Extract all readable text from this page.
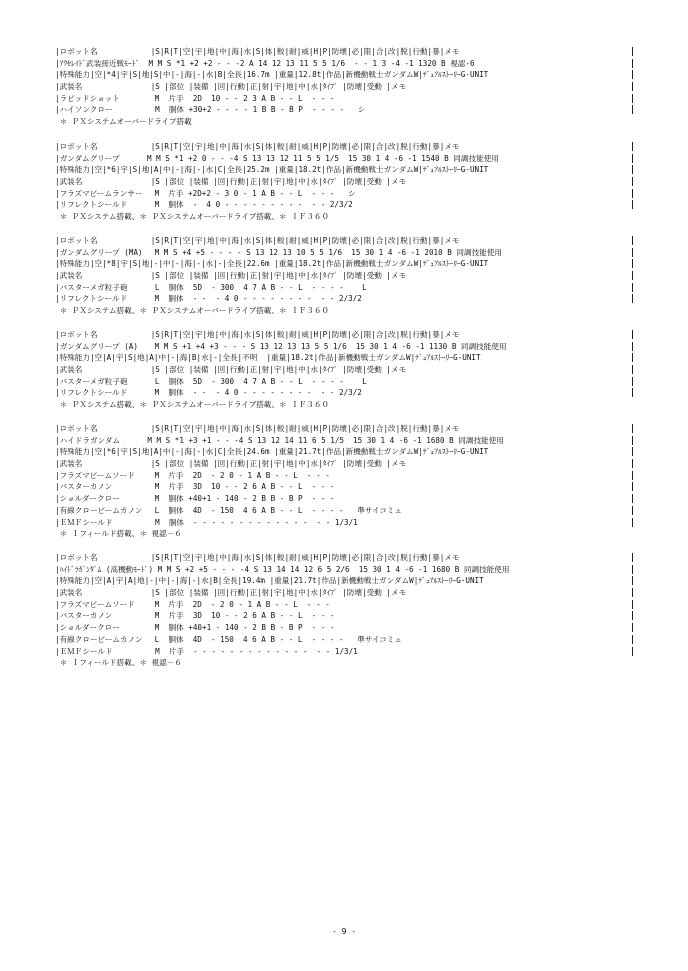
|ロボット名　　　　　　　|S|R|T|空|宇|地|中|海|水|S|体|較|耐|威|H|P|防壊|必|限|合|改|脱|行動|暴|メモ
|ｱｸｾﾚｲﾄﾞ武装接近戦ﾓｰﾄﾞ  M M S *1 +2 +2 - - -2 A 14 12 13 11 5 5 1/6  - - 1 3 -4 -1 1320 B 視認-6
|特殊能力|空|*4|宇|S|地|S|中|-|海|-|水|B|全長|16.7m |重量|12.8t|作品|新機動戦士ガンダムW|ﾃﾞｭｱﾙｽﾄｰﾘｰG-UNIT
|武装名　　　　　　　　　|S |部位 |装備 |回|行動|正|射|宇|地|中|水|ﾀｲﾌﾟ |防壊|受動 |メモ
|ラピッドショット　　　　 M  片手  2D  10 - - 2 3 A B - - L  - - -
|ハイソンクロー　　　　　 M  胴体 +30+2 - - - - 1 B B - B P  - - - -   シ
＊ ＰＸシステムオーバードライブ搭載
|ロボット名　　　　　　　|S|R|T|空|宇|地|中|海|水|S|体|較|耐|威|H|P|防壊|必|限|合|改|脱|行動|暴|メモ
|ガンダムグリープ　　　 M M S *1 +2 0 - - -4 S 13 13 12 11 5 5 1/5  15 30 1 4 -6 -1 1540 B 同調技能使用
|特殊能力|空|*6|宇|S|地|A|中|-|海|-|水|C|全長|25.2m |重量|18.2t|作品|新機動戦士ガンダムW|ﾃﾞｭｱﾙｽﾄｰﾘｰG-UNIT
|武装名　　　　　　　　　|S |部位 |装備 |回|行動|正|射|宇|地|中|水|ﾀｲﾌﾟ |防壊|受動 |メモ
|フラズマビームランサー　 M  片手 +2D+2 - 3 0 - 1 A B - - L  - - -   シ
|リフレクトシールド　　　 M  胴体  -  4 0 - - - - - - - - -  - - 2/3/2
＊ ＰＸシステム搭載、＊ ＰＸシステムオーバードライブ搭載、＊ ＩＦ３６０
|ロボット名　　　　　　　|S|R|T|空|宇|地|中|海|水|S|体|較|耐|威|H|P|防壊|必|限|合|改|脱|行動|暴|メモ
|ガンダムグリープ (MA)　 M M S +4 +5 - - - - S 13 12 13 10 5 5 1/6  15 30 1 4 -6 -1 2010 B 同調技能使用
|特殊能力|空|*8|宇|S|地|-|中|-|海|-|水|-|全長|22.6m |重量|18.2t|作品|新機動戦士ガンダムW|ﾃﾞｭｱﾙｽﾄｰﾘｰG-UNIT
|武装名　　　　　　　　　|S |部位 |装備 |回|行動|正|射|宇|地|中|水|ﾀｲﾌﾟ |防壊|受動 |メモ
|バスターメガ粒子砲　　　 L  胴体  5D  - 300  4 7 A B - - L  - - - -    L
|リフレクトシールド　　　 M  胴体  - -  - 4 0 - - - - - - - -  - - 2/3/2
＊ ＰＸシステム搭載、＊ ＰＸシステムオーバードライブ搭載、＊ ＩＦ３６０
|ロボット名　　　　　　　|S|R|T|空|宇|地|中|海|水|S|体|較|耐|威|H|P|防壊|必|限|合|改|脱|行動|暴|メモ
|ガンダムグリープ (A)　  M M S +1 +4 +3 - - - S 13 12 13 13 5 5 1/6  15 30 1 4 -6 -1 1130 B 同調技能使用
|特殊能力|空|A|宇|S|地|A|中|-|海|B|水|-|全長|不明  |重量|18.2t|作品|新機動戦士ガンダムW|ﾃﾞｭｱﾙｽﾄｰﾘｰG-UNIT
|武装名　　　　　　　　　|S |部位 |装備 |回|行動|正|射|宇|地|中|水|ﾀｲﾌﾟ |防壊|受動 |メモ
|バスターメガ粒子砲　　　 L  胴体  5D  - 300  4 7 A B - - L  - - - -    L
|リフレクトシールド　　　 M  胴体  - -  - 4 0 - - - - - - - -  - - 2/3/2
＊ ＰＸシステム搭載、＊ ＰＸシステムオーバードライブ搭載、＊ ＩＦ３６０
|ロボット名　　　　　　　|S|R|T|空|宇|地|中|海|水|S|体|較|耐|威|H|P|防壊|必|限|合|改|脱|行動|暴|メモ
|ハイドラガンダム　　　 M M S *1 +3 +1 - - -4 S 13 12 14 11 6 5 1/5  15 30 1 4 -6 -1 1680 B 同調技能使用
|特殊能力|空|*6|宇|S|地|A|中|-|海|-|水|C|全長|24.6m |重量|21.7t|作品|新機動戦士ガンダムW|ﾃﾞｭｱﾙｽﾄｰﾘｰG-UNIT
|武装名　　　　　　　　　|S |部位 |装備 |回|行動|正|射|宇|地|中|水|ﾀｲﾌﾟ |防壊|受動 |メモ
|フラズマビームソード　　 M  片手  2D  - 2 0 - 1 A B - - L  - - -
|バスターカノン　　　　　 M  片手  3D  10 - - 2 6 A B - - L  - - -
|ショルダークロー　　　　 M  胴体 +40+1 - 140 - 2 B B - B P  - - -
|有線クロービームカノン　 L  胴体  4D  - 150  4 6 A B - - L  - - - -   準サイコミュ
|ＥＭＦシールド　　　　　 M  胴体  - - - - - - - - - - - - -  - - 1/3/1
＊ Ｉフィールド搭載、＊ 視認－６
|ロボット名　　　　　　　|S|R|T|空|宇|地|中|海|水|S|体|較|耐|威|H|P|防壊|必|限|合|改|脱|行動|暴|メモ
|ﾊｲﾄﾞﾗｶﾞﾝﾀﾞﾑ (高機動ﾓｰﾄﾞ) M M S +2 +5 - - - -4 S 13 14 14 12 6 5 2/6  15 30 1 4 -6 -1 1680 B 同調技能使用
|特殊能力|空|A|宇|A|地|-|中|-|海|-|水|B|全長|19.4m |重量|21.7t|作品|新機動戦士ガンダムW|ﾃﾞｭｱﾙｽﾄｰﾘｰG-UNIT
|武装名　　　　　　　　　|S |部位 |装備 |回|行動|正|射|宇|地|中|水|ﾀｲﾌﾟ |防壊|受動 |メモ
|フラズマビームソード　　 M  片手  2D  - 2 0 - 1 A B - - L  - - -
|バスターカノン　　　　　 M  片手  3D  10 - - 2 6 A B - - L  - - -
|ショルダークロー　　　　 M  胴体 +40+1 - 140 - 2 B B - B P  - - -
|有線クロービームカノン　 L  胴体  4D  - 150  4 6 A B - - L  - - - -   準サイコミュ
|ＥＭＦシールド　　　　　 M  片手  - - - - - - - - - - - - -  - - 1/3/1
＊ Ｉフィールド搭載、＊ 視認－６
- 9 -
